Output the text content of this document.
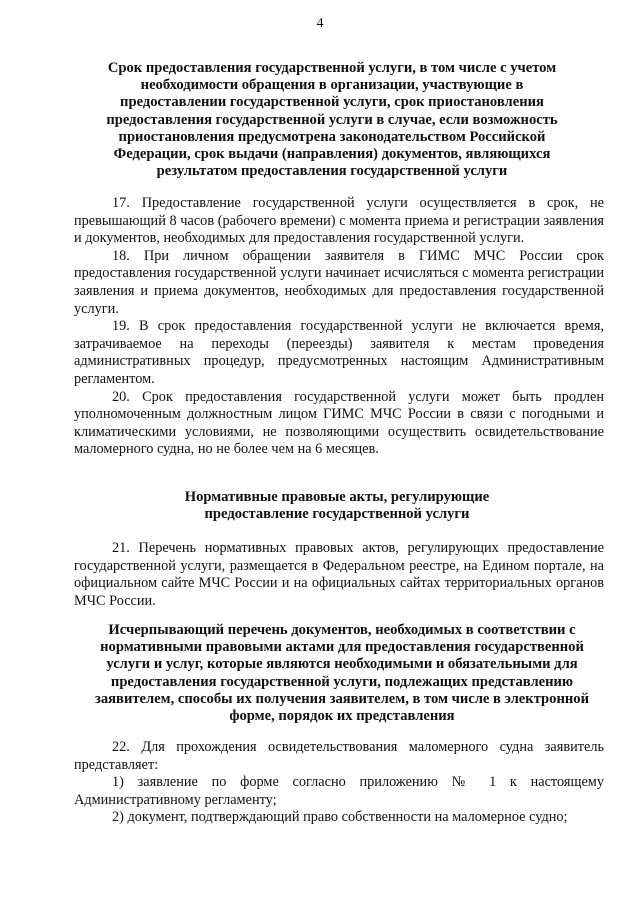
4
Срок предоставления государственной услуги, в том числе с учетом необходимости обращения в организации, участвующие в предоставлении государственной услуги, срок приостановления предоставления государственной услуги в случае, если возможность приостановления предусмотрена законодательством Российской Федерации, срок выдачи (направления) документов, являющихся результатом предоставления государственной услуги

17. Предоставление государственной услуги осуществляется в срок, не превышающий 8 часов (рабочего времени) с момента приема и регистрации заявления и документов, необходимых для предоставления государственной услуги.

18. При личном обращении заявителя в ГИМС МЧС России срок предоставления государственной услуги начинает исчисляться с момента регистрации заявления и приема документов, необходимых для предоставления государственной услуги.

19. В срок предоставления государственной услуги не включается время, затрачиваемое на переходы (переезды) заявителя к местам проведения административных процедур, предусмотренных настоящим Административным регламентом.

20. Срок предоставления государственной услуги может быть продлен уполномоченным должностным лицом ГИМС МЧС России в связи с погодными и климатическими условиями, не позволяющими осуществить освидетельствование маломерного судна, но не более чем на 6 месяцев.

Нормативные правовые акты, регулирующие предоставление государственной услуги

21. Перечень нормативных правовых актов, регулирующих предоставление государственной услуги, размещается в Федеральном реестре, на Едином портале, на официальном сайте МЧС России и на официальных сайтах территориальных органов МЧС России.

Исчерпывающий перечень документов, необходимых в соответствии с нормативными правовыми актами для предоставления государственной услуги и услуг, которые являются необходимыми и обязательными для предоставления государственной услуги, подлежащих представлению заявителем, способы их получения заявителем, в том числе в электронной форме, порядок их представления

22. Для прохождения освидетельствования маломерного судна заявитель представляет:

1) заявление по форме согласно приложению № 1 к настоящему Административному регламенту;

2) документ, подтверждающий право собственности на маломерное судно;
